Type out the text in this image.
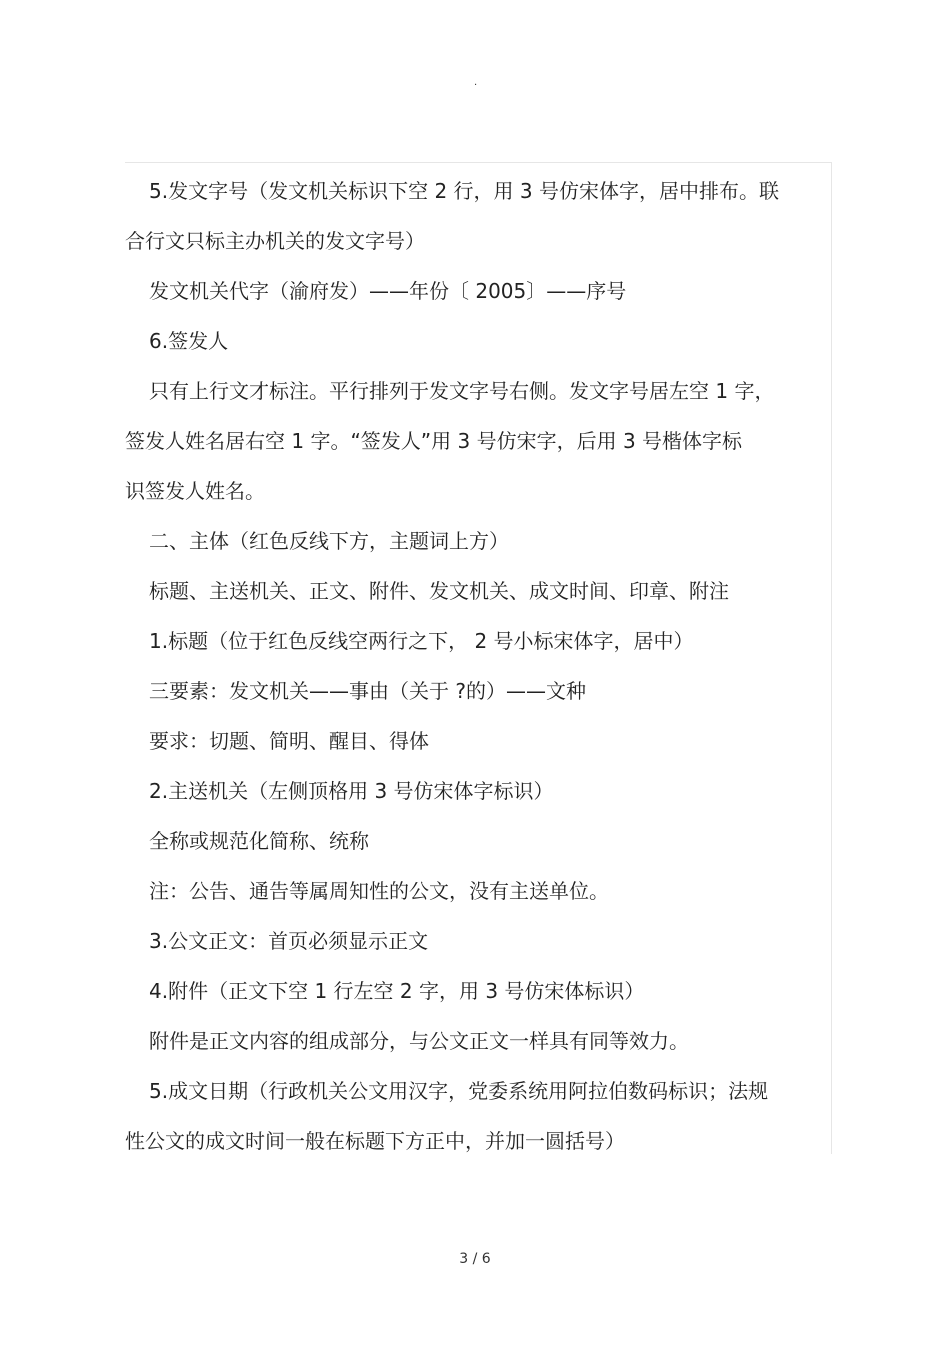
.
5.发文字号（发文机关标识下空 2 行，用 3 号仿宋体字，居中排布。联
合行文只标主办机关的发文字号）
发文机关代字（渝府发）——年份〔 2005〕——序号
6.签发人
只有上行文才标注。平行排列于发文字号右侧。发文字号居左空 1 字，
签发人姓名居右空 1 字。“签发人”用 3 号仿宋字，后用 3 号楷体字标
识签发人姓名。
二、主体（红色反线下方，主题词上方）
标题、主送机关、正文、附件、发文机关、成文时间、印章、附注
1.标题（位于红色反线空两行之下， 2 号小标宋体字，居中）
三要素：发文机关——事由（关于 ?的）——文种
要求：切题、简明、醒目、得体
2.主送机关（左侧顶格用 3 号仿宋体字标识）
全称或规范化简称、统称
注：公告、通告等属周知性的公文，没有主送单位。
3.公文正文：首页必须显示正文
4.附件（正文下空 1 行左空 2 字，用 3 号仿宋体标识）
附件是正文内容的组成部分，与公文正文一样具有同等效力。
5.成文日期（行政机关公文用汉字，党委系统用阿拉伯数码标识；法规
性公文的成文时间一般在标题下方正中，并加一圆括号）
3 / 6
